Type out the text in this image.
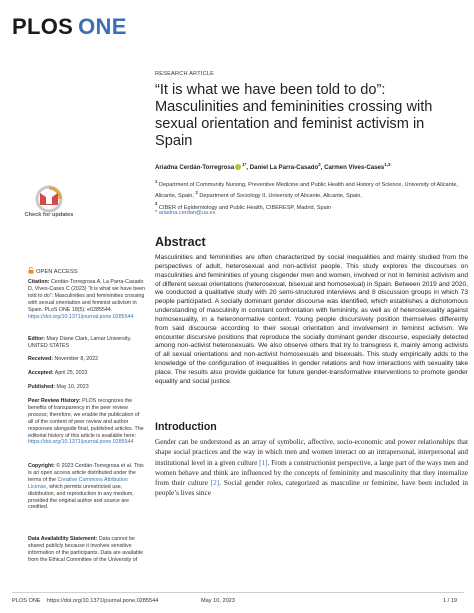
PLOS ONE
RESEARCH ARTICLE
“It is what we have been told to do”: Masculinities and femininities crossing with sexual orientation and feminist activism in Spain
Ariadna Cerdán-Torregrosa $^{1*}$, Daniel La Parra-Casado$^2$, Carmen Vives-Cases$^{1,3}$

$^1$ Department of Community Nursing, Preventive Medicine and Public Health and History of Science, University of Alicante, Alicante, Spain, $^2$ Department of Sociology II, University of Alicante, Alicante, Spain,

$^3$ CIBER of Epidemiology and Public Health, CIBERESP, Madrid, Spain

* ariadna.cerdan@ua.es
Check for updates
OPEN ACCESS
Citation: Cerdán-Torregrosa A, La Parra-Casado D, Vives-Cases C (2023) “It is what we have been told to do”: Masculinities and femininities crossing with sexual orientation and feminist activism in Spain. PLoS ONE 18(5): e0285544. https://doi.org/10.1371/journal.pone.0285544
Editor: Mary Diane Clark, Lamar University, UNITED STATES
Received: November 8, 2022
Accepted: April 25, 2023
Published: May 10, 2023
Peer Review History: PLOS recognizes the benefits of transparency in the peer review process; therefore, we enable the publication of all of the content of peer review and author responses alongside final, published articles. The editorial history of this article is available here: https://doi.org/10.1371/journal.pone.0285544
Copyright: © 2023 Cerdán-Torregrosa et al. This is an open access article distributed under the terms of the Creative Commons Attribution License, which permits unrestricted use, distribution, and reproduction in any medium, provided the original author and source are credited.
Data Availability Statement: Data cannot be shared publicly because it involves sensitive information of the participants. Data are available from the Ethical Committee of the University of
Abstract

Masculinities and femininities are often characterized by social inequalities and mainly studied from the perspectives of adult, heterosexual and non-activist people. This study explores the discourses on masculinities and femininities of young cisgender men and women, involved or not in feminist activism and of different sexual orientations (heterosexual, bisexual and homosexual) in Spain. Between 2019 and 2020, we conducted a qualitative study with 20 semi-structured interviews and 8 discussion groups in which 73 people participated. A socially dominant gender discourse was identified, which establishes a dichotomous understanding of masculinity in constant confrontation with femininity, as well as of heterosexuality against homosexuality, in a heteronormative context. Young people discursively position themselves differently from said discourse according to their sexual orientation and involvement in feminist activism. We encounter discursive positions that reproduce the socially dominant gender discourse, especially detected among non-activist heterosexuals. We also observe others that try to transgress it, mainly among activists of all sexual orientations and non-activist homosexuals and bisexuals. This study empirically adds to the knowledge of the configuration of inequalities in gender relations and how interactions with sexuality take place. The results also provide guidance for future gender-transformative interventions to promote gender equality and social justice.

Introduction

Gender can be understood as an array of symbolic, affective, socio-economic and power relationships that shape social practices and the way in which men and women interact on an intrapersonal, interpersonal and institutional level in a given culture [1]. From a constructionist perspective, a large part of the ways men and women behave and think are influenced by the concepts of femininity and masculinity that they internalize from their culture [2]. Social gender roles, categorized as masculine or feminine, have been included in people’s lives since

PLOS ONE https://doi.org/10.1371/journal.pone.0285544	May 10, 2023	1 / 19
